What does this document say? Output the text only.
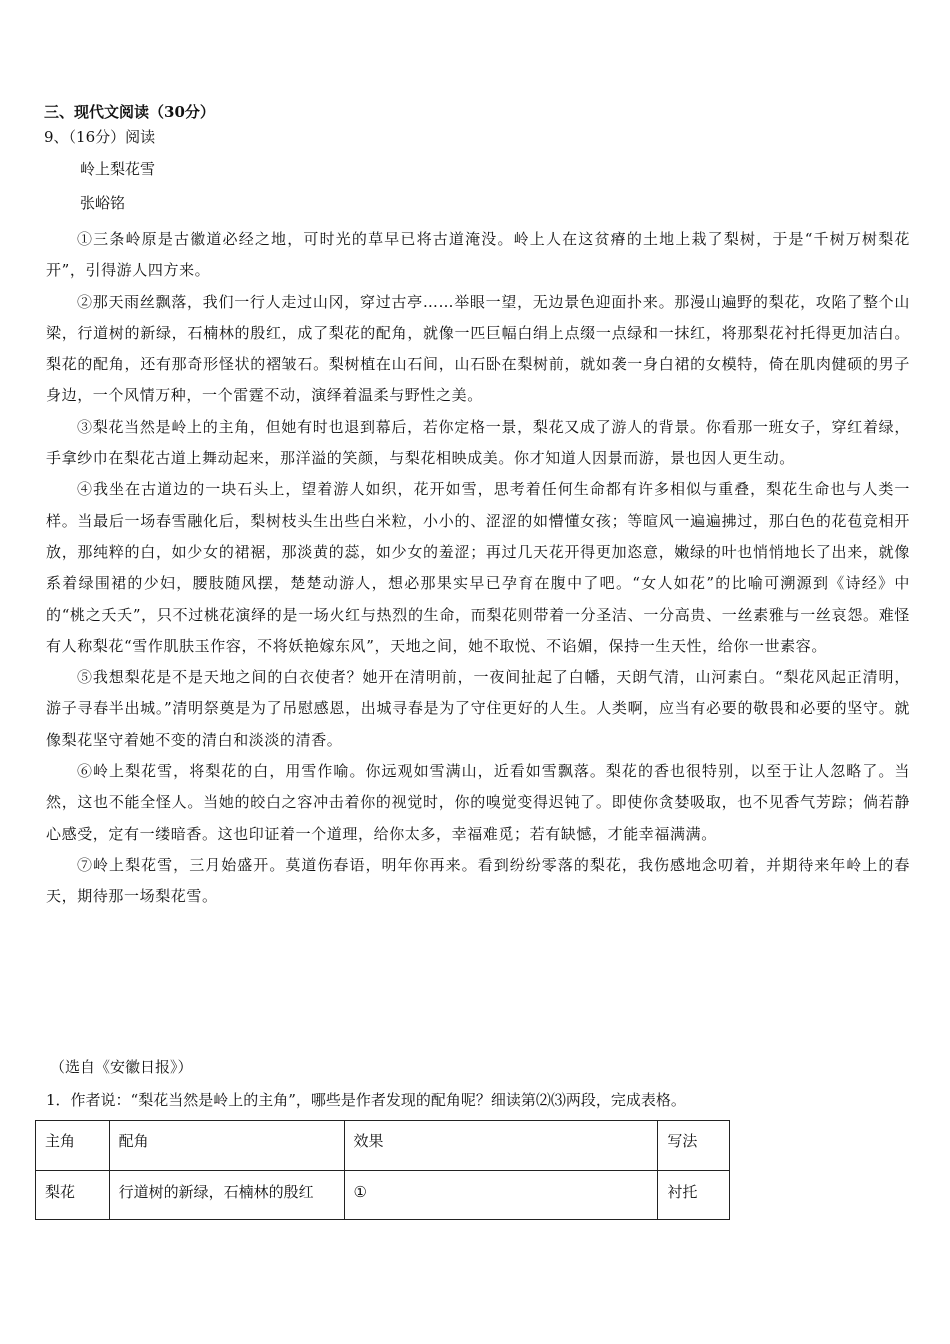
三、现代文阅读（30分）
9、（16分）阅读
岭上梨花雪
张峪铭

①三条岭原是古徽道必经之地，可时光的草早已将古道淹没。岭上人在这贫瘠的土地上栽了梨树，于是“千树万树梨花开”，引得游人四方来。

②那天雨丝飘落，我们一行人走过山冈，穿过古亭……举眼一望，无边景色迎面扑来。那漫山遍野的梨花，攻陷了整个山梁，行道树的新绿，石楠林的殷红，成了梨花的配角，就像一匹巨幅白绢上点缀一点绿和一抹红，将那梨花衬托得更加洁白。梨花的配角，还有那奇形怪状的褶皱石。梨树植在山石间，山石卧在梨树前，就如袭一身白裙的女模特，倚在肌肉健硕的男子身边，一个风情万种，一个雷霆不动，演绎着温柔与野性之美。

③梨花当然是岭上的主角，但她有时也退到幕后，若你定格一景，梨花又成了游人的背景。你看那一班女子，穿红着绿，手拿纱巾在梨花古道上舞动起来，那洋溢的笑颜，与梨花相映成美。你才知道人因景而游，景也因人更生动。

④我坐在古道边的一块石头上，望着游人如织，花开如雪，思考着任何生命都有许多相似与重叠，梨花生命也与人类一样。当最后一场春雪融化后，梨树枝头生出些白米粒，小小的、涩涩的如懵懂女孩；等暄风一遍遍拂过，那白色的花苞竞相开放，那纯粹的白，如少女的裙裾，那淡黄的蕊，如少女的羞涩；再过几天花开得更加恣意，嫩绿的叶也悄悄地长了出来，就像系着绿围裙的少妇，腰肢随风摆，楚楚动游人，想必那果实早已孕育在腹中了吧。“女人如花”的比喻可溯源到《诗经》中的“桃之夭夭”，只不过桃花演绎的是一场火红与热烈的生命，而梨花则带着一分圣洁、一分高贵、一丝素雅与一丝哀怨。难怪有人称梨花“雪作肌肤玉作容，不将妖艳嫁东风”，天地之间，她不取悦、不谄媚，保持一生天性，给你一世素容。

⑤我想梨花是不是天地之间的白衣使者？她开在清明前，一夜间扯起了白幡，天朗气清，山河素白。“梨花风起正清明，游子寻春半出城。”清明祭奠是为了吊慰感恩，出城寻春是为了守住更好的人生。人类啊，应当有必要的敬畏和必要的坚守。就像梨花坚守着她不变的清白和淡淡的清香。

⑥岭上梨花雪，将梨花的白，用雪作喻。你远观如雪满山，近看如雪飘落。梨花的香也很特别，以至于让人忽略了。当然，这也不能全怪人。当她的皎白之容冲击着你的视觉时，你的嗅觉变得迟钝了。即使你贪婪吸取，也不见香气芳踪；倘若静心感受，定有一缕暗香。这也印证着一个道理，给你太多，幸福难觅；若有缺憾，才能幸福满满。

⑦岭上梨花雪，三月始盛开。莫道伤春语，明年你再来。看到纷纷零落的梨花，我伤感地念叨着，并期待来年岭上的春天，期待那一场梨花雪。

（选自《安徽日报》）
1．作者说：“梨花当然是岭上的主角”，哪些是作者发现的配角呢？细读第⑵⑶两段，完成表格。
主角	配角	效果	写法
梨花	行道树的新绿，石楠林的殷红	①	衬托
